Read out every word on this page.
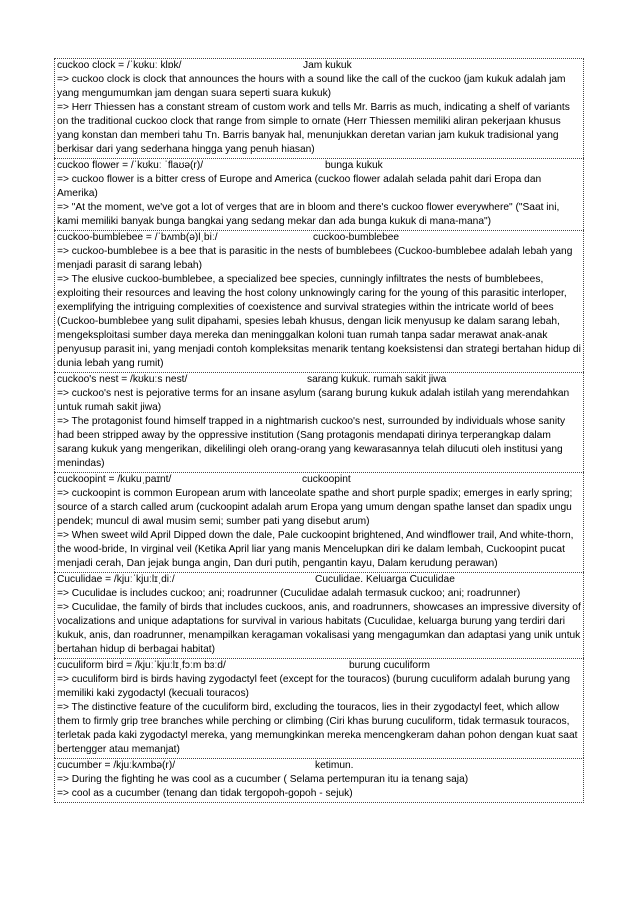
cuckoo clock = /ˈkʊkuː klɒk/	Jam kukuk
=> cuckoo clock is clock that announces the hours with a sound like the call of the cuckoo (jam kukuk adalah jam yang mengumumkan jam dengan suara seperti suara kukuk)
=> Herr Thiessen has a constant stream of custom work and tells Mr. Barris as much, indicating a shelf of variants on the traditional cuckoo clock that range from simple to ornate (Herr Thiessen memiliki aliran pekerjaan khusus yang konstan dan memberi tahu Tn. Barris banyak hal, menunjukkan deretan varian jam kukuk tradisional yang berkisar dari yang sederhana hingga yang penuh hiasan)
cuckoo flower = /ˈkʊkuː ˈflaʊə(r)/	bunga kukuk
=> cuckoo flower is a bitter cress of Europe and America (cuckoo flower adalah selada pahit dari Eropa dan Amerika)
=> "At the moment, we've got a lot of verges that are in bloom and there's cuckoo flower everywhere" ("Saat ini, kami memiliki banyak bunga bangkai yang sedang mekar dan ada bunga kukuk di mana-mana")
cuckoo-bumblebee = /ˈbʌmb(ə)lˌbiː/	cuckoo-bumblebee
=> cuckoo-bumblebee is a bee that is parasitic in the nests of bumblebees (Cuckoo-bumblebee adalah lebah yang menjadi parasit di sarang lebah)
=> The elusive cuckoo-bumblebee, a specialized bee species, cunningly infiltrates the nests of bumblebees, exploiting their resources and leaving the host colony unknowingly caring for the young of this parasitic interloper, exemplifying the intriguing complexities of coexistence and survival strategies within the intricate world of bees (Cuckoo-bumblebee yang sulit dipahami, spesies lebah khusus, dengan licik menyusup ke dalam sarang lebah, mengeksploitasi sumber daya mereka dan meninggalkan koloni tuan rumah tanpa sadar merawat anak-anak penyusup parasit ini, yang menjadi contoh kompleksitas menarik tentang koeksistensi dan strategi bertahan hidup di dunia lebah yang rumit)
cuckoo's nest = /kʊkuːs nest/	sarang kukuk. rumah sakit jiwa
=> cuckoo's nest is pejorative terms for an insane asylum (sarang burung kukuk adalah istilah yang merendahkan untuk rumah sakit jiwa)
=> The protagonist found himself trapped in a nightmarish cuckoo's nest, surrounded by individuals whose sanity had been stripped away by the oppressive institution (Sang protagonis mendapati dirinya terperangkap dalam sarang kukuk yang mengerikan, dikelilingi oleh orang-orang yang kewarasannya telah dilucuti oleh institusi yang menindas)
cuckoopint = /kukuˌpaɪnt/	cuckoopint
=> cuckoopint is common European arum with lanceolate spathe and short purple spadix; emerges in early spring; source of a starch called arum (cuckoopint adalah arum Eropa yang umum dengan spathe lanset dan spadix ungu pendek; muncul di awal musim semi; sumber pati yang disebut arum)
=> When sweet wild April Dipped down the dale, Pale cuckoopint brightened, And windflower trail, And white-thorn, the wood-bride, In virginal veil (Ketika April liar yang manis Mencelupkan diri ke dalam lembah, Cuckoopint pucat menjadi cerah, Dan jejak bunga angin, Dan duri putih, pengantin kayu, Dalam kerudung perawan)
Cuculidae = /kjuːˈkjuːlɪˌdiː/	Cuculidae. Keluarga Cuculidae
=> Cuculidae is includes cuckoo; ani; roadrunner (Cuculidae adalah termasuk cuckoo; ani; roadrunner)
=> Cuculidae, the family of birds that includes cuckoos, anis, and roadrunners, showcases an impressive diversity of vocalizations and unique adaptations for survival in various habitats (Cuculidae, keluarga burung yang terdiri dari kukuk, anis, dan roadrunner, menampilkan keragaman vokalisasi yang mengagumkan dan adaptasi yang unik untuk bertahan hidup di berbagai habitat)
cuculiform bird = /kjuːˈkjuːlɪˌfɔːm bɜːd/	burung cuculiform
=> cuculiform bird is birds having zygodactyl feet (except for the touracos) (burung cuculiform adalah burung yang memiliki kaki zygodactyl (kecuali touracos)
=> The distinctive feature of the cuculiform bird, excluding the touracos, lies in their zygodactyl feet, which allow them to firmly grip tree branches while perching or climbing (Ciri khas burung cuculiform, tidak termasuk touracos, terletak pada kaki zygodactyl mereka, yang memungkinkan mereka mencengkeram dahan pohon dengan kuat saat bertengger atau memanjat)
cucumber = /kjuːkʌmbə(r)/	ketimun.
=> During the fighting he was cool as a cucumber ( Selama pertempuran itu ia tenang saja)
=> cool as a cucumber (tenang dan tidak tergopoh-gopoh - sejuk)
